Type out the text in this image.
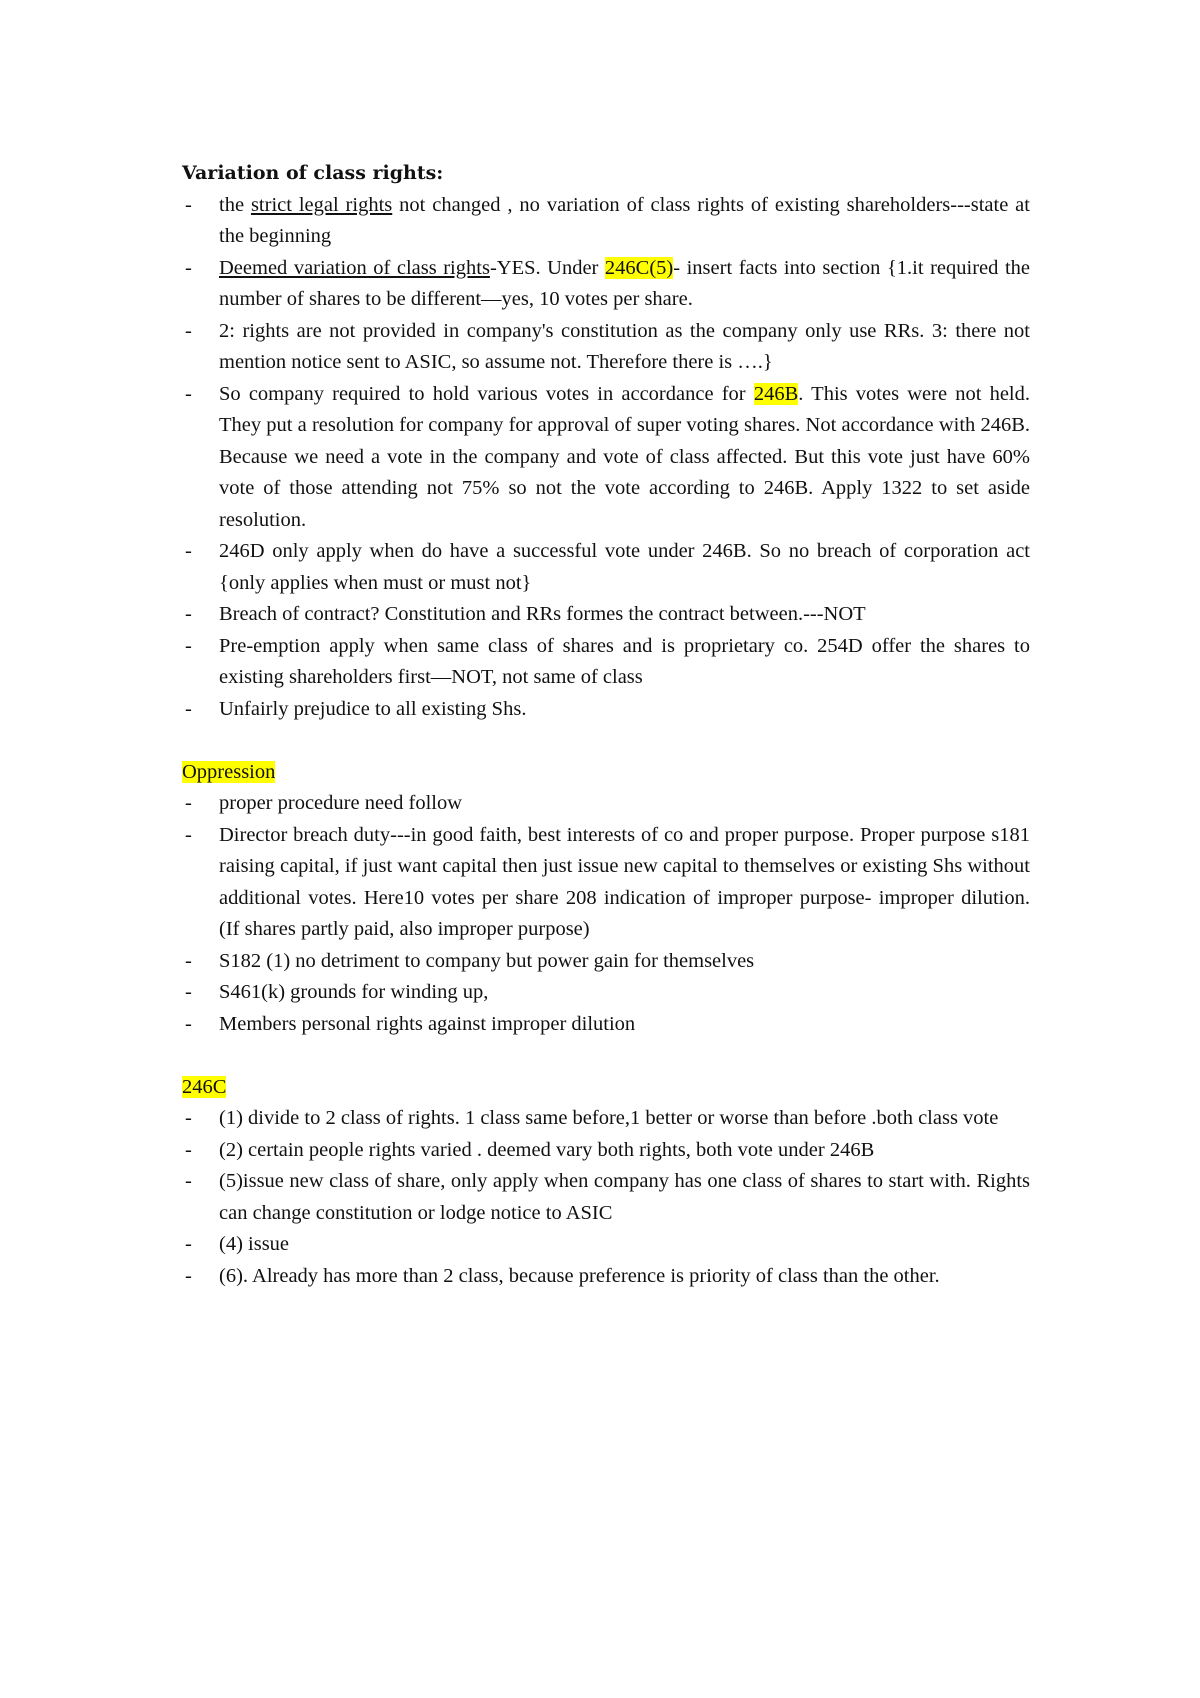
Variation of class rights:
- the strict legal rights not changed , no variation of class rights of existing shareholders---state at the beginning
- Deemed variation of class rights-YES. Under 246C(5)- insert facts into section {1.it required the number of shares to be different—yes, 10 votes per share.
- 2: rights are not provided in company's constitution as the company only use RRs. 3: there not mention notice sent to ASIC, so assume not. Therefore there is ….}
- So company required to hold various votes in accordance for 246B. This votes were not held. They put a resolution for company for approval of super voting shares. Not accordance with 246B. Because we need a vote in the company and vote of class affected. But this vote just have 60% vote of those attending not 75% so not the vote according to 246B. Apply 1322 to set aside resolution.
- 246D only apply when do have a successful vote under 246B. So no breach of corporation act {only applies when must or must not}
- Breach of contract? Constitution and RRs formes the contract between.---NOT
- Pre-emption apply when same class of shares and is proprietary co. 254D offer the shares to existing shareholders first—NOT, not same of class
- Unfairly prejudice to all existing Shs.
Oppression
- proper procedure need follow
- Director breach duty---in good faith, best interests of co and proper purpose. Proper purpose s181 raising capital, if just want capital then just issue new capital to themselves or existing Shs without additional votes. Here10 votes per share 208 indication of improper purpose- improper dilution. (If shares partly paid, also improper purpose)
- S182 (1) no detriment to company but power gain for themselves
- S461(k) grounds for winding up,
- Members personal rights against improper dilution
246C
- (1) divide to 2 class of rights. 1 class same before,1 better or worse than before .both class vote
- (2) certain people rights varied . deemed vary both rights, both vote under 246B
- (5)issue new class of share, only apply when company has one class of shares to start with. Rights can change constitution or lodge notice to ASIC
- (4) issue
- (6). Already has more than 2 class, because preference is priority of class than the other.
